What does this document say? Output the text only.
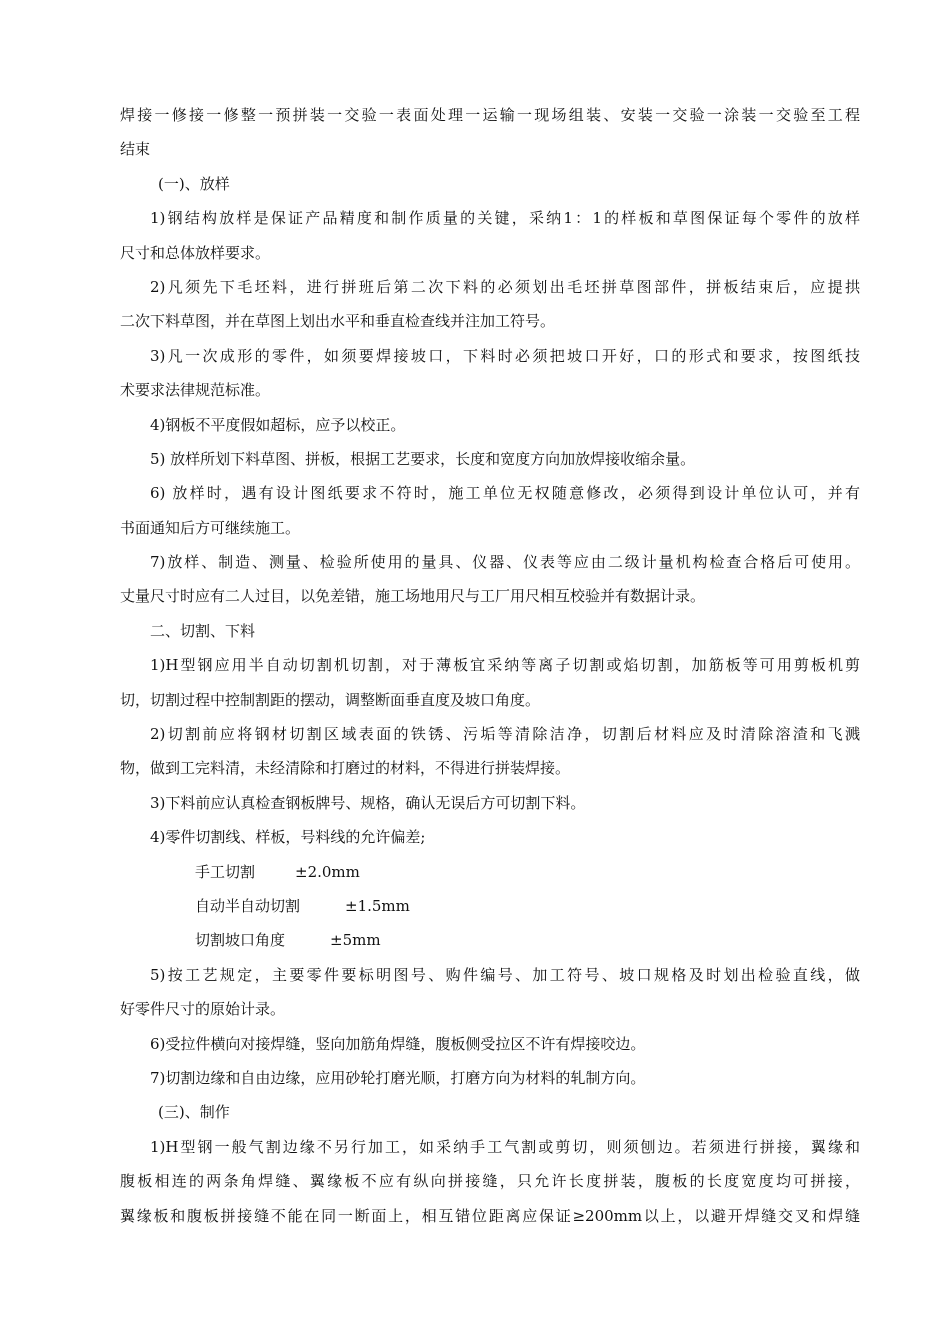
焊接一修接一修整一预拼装一交验一表面处理一运输一现场组装、安装一交验一涂装一交验至工程
结束
(一)、放样
1)钢结构放样是保证产品精度和制作质量的关键，采纳1：1的样板和草图保证每个零件的放样
尺寸和总体放样要求。
2)凡须先下毛坯料，进行拼班后第二次下料的必须划出毛坯拼草图部件，拼板结束后，应提拱
二次下料草图，并在草图上划出水平和垂直检查线并注加工符号。
3)凡一次成形的零件，如须要焊接坡口，下料时必须把坡口开好，口的形式和要求，按图纸技
术要求法律规范标准。
4)钢板不平度假如超标，应予以校正。
5) 放样所划下料草图、拼板，根据工艺要求，长度和宽度方向加放焊接收缩余量。
6) 放样时，遇有设计图纸要求不符时，施工单位无权随意修改，必须得到设计单位认可，并有
书面通知后方可继续施工。
7)放样、制造、测量、检验所使用的量具、仪器、仪表等应由二级计量机构检查合格后可使用。
丈量尺寸时应有二人过目，以免差错，施工场地用尺与工厂用尺相互校验并有数据计录。
二、切割、下料
1)H型钢应用半自动切割机切割，对于薄板宜采纳等离子切割或焰切割，加筋板等可用剪板机剪
切，切割过程中控制割距的摆动，调整断面垂直度及坡口角度。
2)切割前应将钢材切割区域表面的铁锈、污垢等清除洁净，切割后材料应及时清除溶渣和飞溅
物，做到工完料清，未经清除和打磨过的材料，不得进行拼装焊接。
3)下料前应认真检查钢板牌号、规格，确认无误后方可切割下料。
4)零件切割线、样板，号料线的允许偏差;
手工切割	±2.0mm
自动半自动切割	±1.5mm
切割坡口角度	±5mm
5)按工艺规定，主要零件要标明图号、购件编号、加工符号、坡口规格及时划出检验直线，做
好零件尺寸的原始计录。
6)受拉件横向对接焊缝，竖向加筋角焊缝，腹板侧受拉区不许有焊接咬边。
7)切割边缘和自由边缘，应用砂轮打磨光顺，打磨方向为材料的轧制方向。
(三)、制作
1)H型钢一般气割边缘不另行加工，如采纳手工气割或剪切，则须刨边。若须进行拼接，翼缘和
腹板相连的两条角焊缝、翼缘板不应有纵向拼接缝，只允许长度拼装，腹板的长度宽度均可拼接，
翼缘板和腹板拼接缝不能在同一断面上，相互错位距离应保证≥200mm以上，以避开焊缝交叉和焊缝
